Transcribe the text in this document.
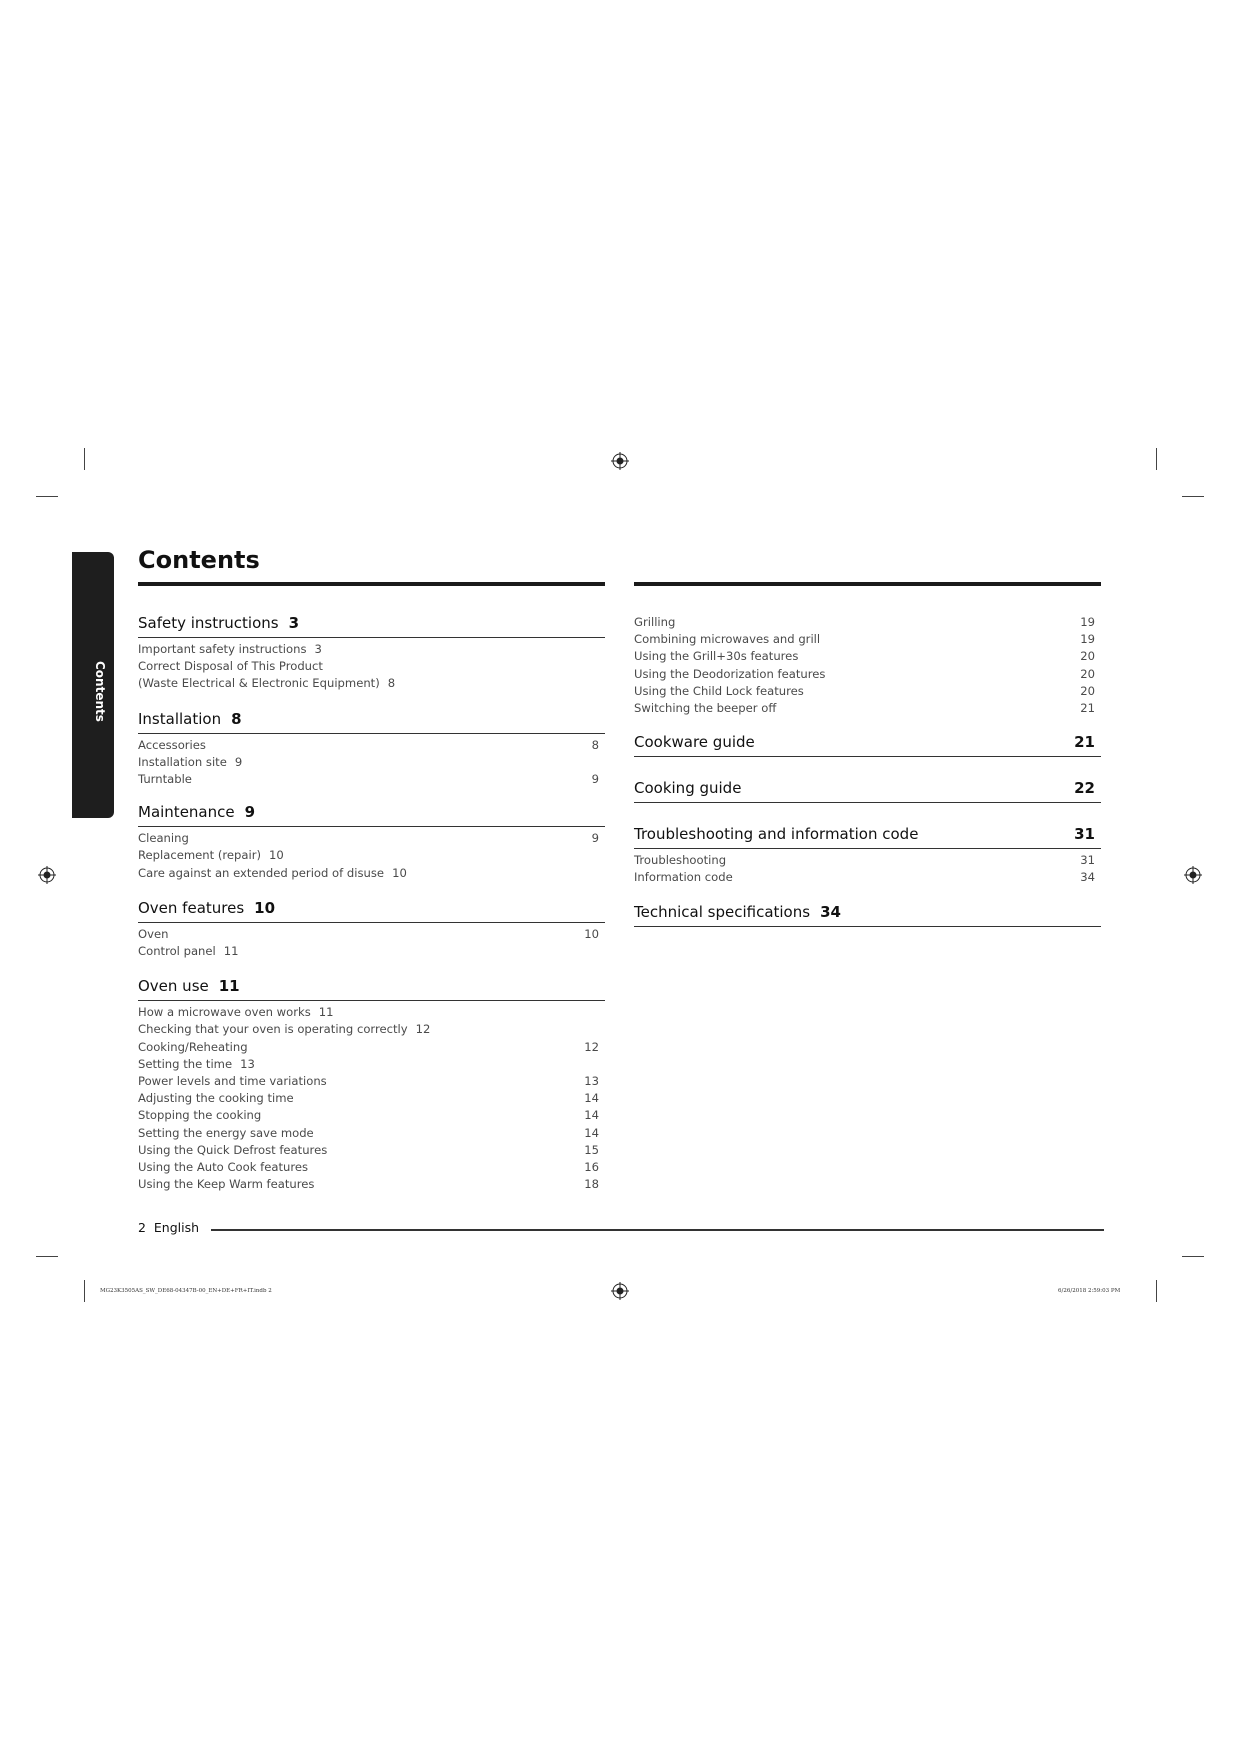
Contents
Contents
Safety instructions 3
Important safety instructions 3
Correct Disposal of This Product
(Waste Electrical & Electronic Equipment) 8
Installation 8
Accessories	8
Installation site 9
Turntable	9
Maintenance 9
Cleaning	9
Replacement (repair) 10
Care against an extended period of disuse 10
Oven features 10
Oven	10
Control panel 11
Oven use 11
How a microwave oven works 11
Checking that your oven is operating correctly 12
Cooking/Reheating	12
Setting the time 13
Power levels and time variations	13
Adjusting the cooking time	14
Stopping the cooking	14
Setting the energy save mode	14
Using the Quick Defrost features	15
Using the Auto Cook features	16
Using the Keep Warm features	18
Grilling	19
Combining microwaves and grill	19
Using the Grill+30s features	20
Using the Deodorization features	20
Using the Child Lock features	20
Switching the beeper off	21
Cookware guide	21
Cooking guide	22
Troubleshooting and information code	31
Troubleshooting	31
Information code	34
Technical specifications 34
2 English
MG23K3505AS_SW_DE68-04347B-00_EN+DE+FR+IT.indb 2	6/26/2018 2:59:03 PM
